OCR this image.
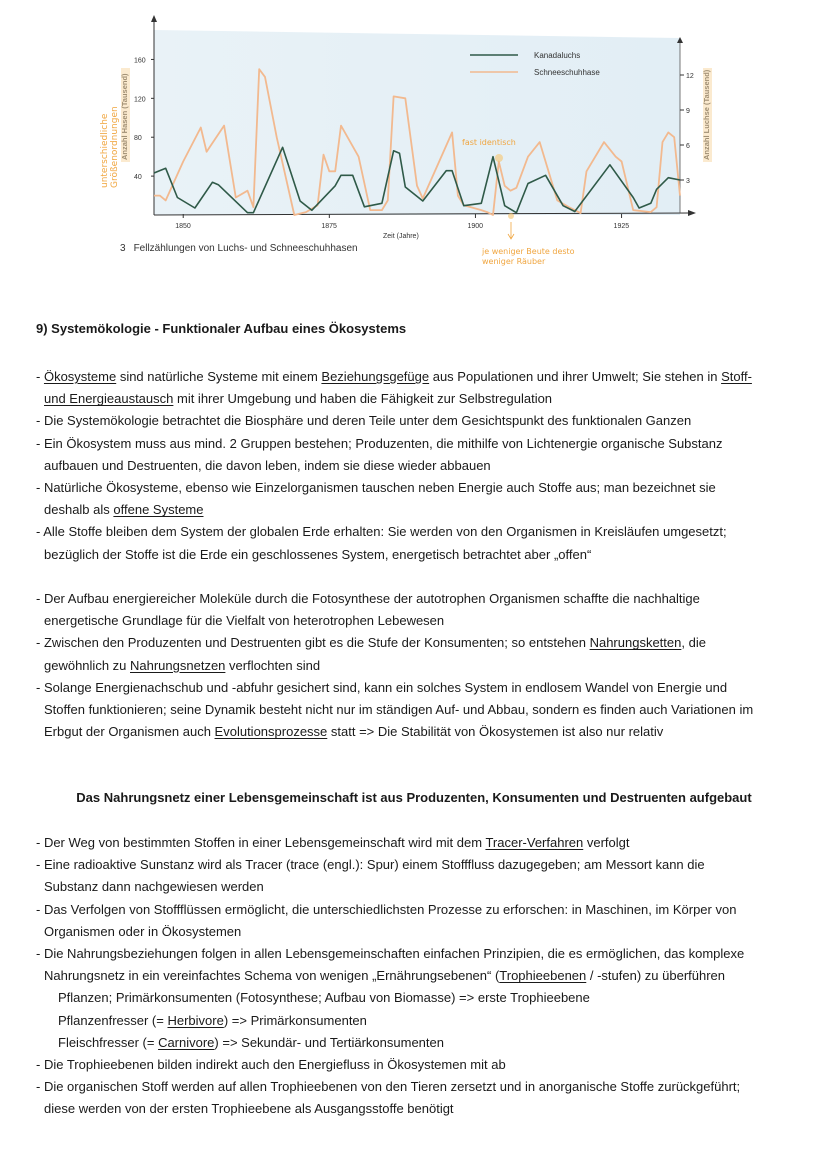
1850	1875	1900	1925
40
80
120
160
3
6
9
12
Kanadaluchs
Schneeschuhhase
Zeit (Jahre)
unterschiedliche Größenordnungen	fast identisch
je weniger Beute desto
weniger Räuber
3 Fellzählungen von Luchs- und Schneeschuhhasen
9) Systemökologie - Funktionaler Aufbau eines Ökosystems
- Ökosysteme sind natürliche Systeme mit einem Beziehungsgefüge aus Populationen und ihrer Umwelt; Sie stehen in Stoff-
und Energieaustausch mit ihrer Umgebung und haben die Fähigkeit zur Selbstregulation
- Die Systemökologie betrachtet die Biosphäre und deren Teile unter dem Gesichtspunkt des funktionalen Ganzen
- Ein Ökosystem muss aus mind. 2 Gruppen bestehen; Produzenten, die mithilfe von Lichtenergie organische Substanz
aufbauen und Destruenten, die davon leben, indem sie diese wieder abbauen
- Natürliche Ökosysteme, ebenso wie Einzelorganismen tauschen neben Energie auch Stoffe aus; man bezeichnet sie
deshalb als offene Systeme
- Alle Stoffe bleiben dem System der globalen Erde erhalten: Sie werden von den Organismen in Kreisläufen umgesetzt;
bezüglich der Stoffe ist die Erde ein geschlossenes System, energetisch betrachtet aber „offen“
- Der Aufbau energiereicher Moleküle durch die Fotosynthese der autotrophen Organismen schaffte die nachhaltige
energetische Grundlage für die Vielfalt von heterotrophen Lebewesen
- Zwischen den Produzenten und Destruenten gibt es die Stufe der Konsumenten; so entstehen Nahrungsketten, die
gewöhnlich zu Nahrungsnetzen verflochten sind
- Solange Energienachschub und -abfuhr gesichert sind, kann ein solches System in endlosem Wandel von Energie und
Stoffen funktionieren; seine Dynamik besteht nicht nur im ständigen Auf- und Abbau, sondern es finden auch Variationen im
Erbgut der Organismen auch Evolutionsprozesse statt => Die Stabilität von Ökosystemen ist also nur relativ
Das Nahrungsnetz einer Lebensgemeinschaft ist aus Produzenten, Konsumenten und Destruenten aufgebaut
- Der Weg von bestimmten Stoffen in einer Lebensgemeinschaft wird mit dem Tracer-Verfahren verfolgt
- Eine radioaktive Sunstanz wird als Tracer (trace (engl.): Spur) einem Stofffluss dazugegeben; am Messort kann die
Substanz dann nachgewiesen werden
- Das Verfolgen von Stoffflüssen ermöglicht, die unterschiedlichsten Prozesse zu erforschen: in Maschinen, im Körper von
Organismen oder in Ökosystemen
- Die Nahrungsbeziehungen folgen in allen Lebensgemeinschaften einfachen Prinzipien, die es ermöglichen, das komplexe
Nahrungsnetz in ein vereinfachtes Schema von wenigen „Ernährungsebenen“ (Trophieebenen / -stufen) zu überführen
Pflanzen; Primärkonsumenten (Fotosynthese; Aufbau von Biomasse) => erste Trophieebene
Pflanzenfresser (= Herbivore) => Primärkonsumenten
Fleischfresser (= Carnivore) => Sekundär- und Tertiärkonsumenten
- Die Trophieebenen bilden indirekt auch den Energiefluss in Ökosystemen mit ab
- Die organischen Stoff werden auf allen Trophieebenen von den Tieren zersetzt und in anorganische Stoffe zurückgeführt;
diese werden von der ersten Trophieebene als Ausgangsstoffe benötigt
